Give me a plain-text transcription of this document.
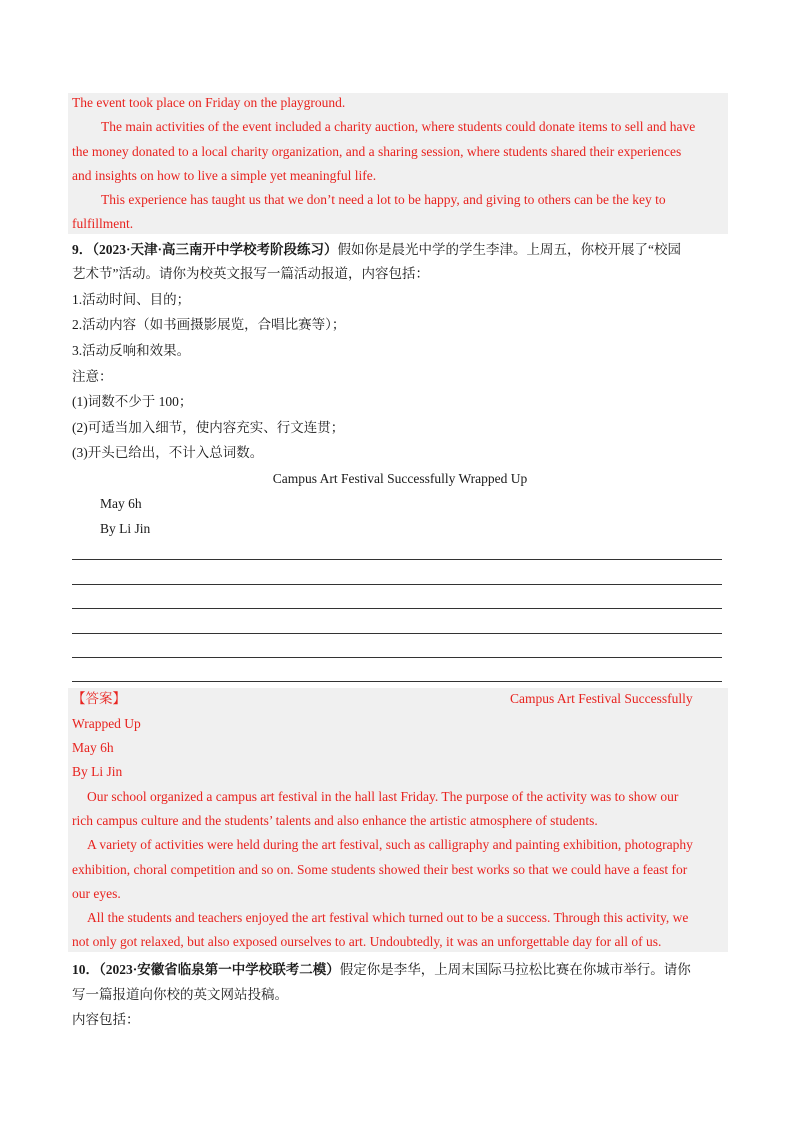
The event took place on Friday on the playground.
The main activities of the event included a charity auction, where students could donate items to sell and have
the money donated to a local charity organization, and a sharing session, where students shared their experiences
and insights on how to live a simple yet meaningful life.
This experience has taught us that we don’t need a lot to be happy, and giving to others can be the key to
fulfillment.
9．（2023·天津·高三南开中学校考阶段练习）假如你是晨光中学的学生李津。上周五，你校开展了“校园
艺术节”活动。请你为校英文报写一篇活动报道，内容包括：
1.活动时间、目的；
2.活动内容（如书画摄影展览，合唱比赛等）；
3.活动反响和效果。
注意：
(1)词数不少于 100；
(2)可适当加入细节，使内容充实、行文连贯；
(3)开头已给出，不计入总词数。
Campus Art Festival Successfully Wrapped Up
May 6h
By Li Jin
【答案】	Campus Art Festival Successfully
Wrapped Up
May 6h
By Li Jin
Our school organized a campus art festival in the hall last Friday. The purpose of the activity was to show our
rich campus culture and the students’ talents and also enhance the artistic atmosphere of students.
A variety of activities were held during the art festival, such as calligraphy and painting exhibition, photography
exhibition, choral competition and so on. Some students showed their best works so that we could have a feast for
our eyes.
All the students and teachers enjoyed the art festival which turned out to be a success. Through this activity, we
not only got relaxed, but also exposed ourselves to art. Undoubtedly, it was an unforgettable day for all of us.
10．（2023·安徽省临泉第一中学校联考二模）假定你是李华，上周末国际马拉松比赛在你城市举行。请你
写一篇报道向你校的英文网站投稿。
内容包括：
